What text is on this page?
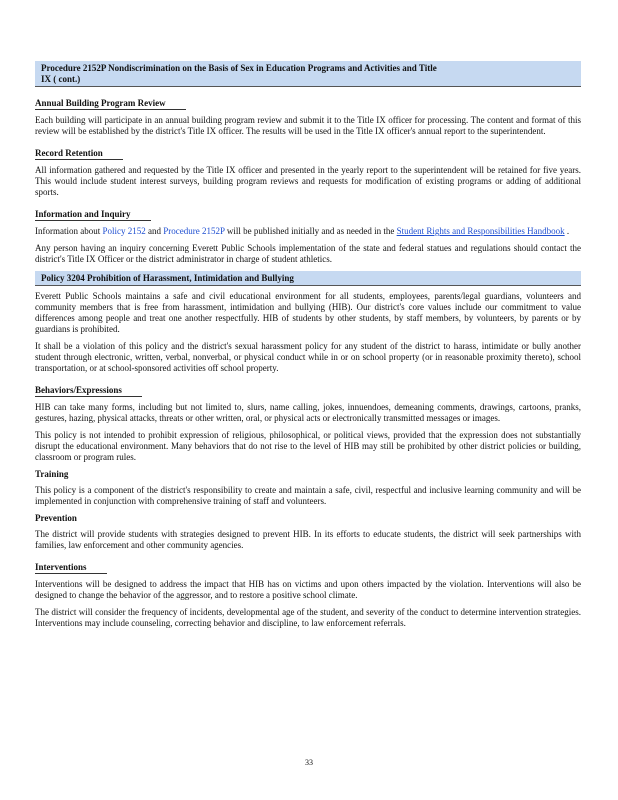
Procedure 2152P Nondiscrimination on the Basis of Sex in Education Programs and Activities and Title
IX ( cont.)
Annual Building Program Review

Each building will participate in an annual building program review and submit it to the Title IX officer for processing. The content and format of this review will be established by the district's Title IX officer. The results will be used in the Title IX officer's annual report to the superintendent.

Record Retention

All information gathered and requested by the Title IX officer and presented in the yearly report to the superintendent will be retained for five years. This would include student interest surveys, building program reviews and requests for modification of existing programs or adding of additional sports.

Information and Inquiry

Information about Policy 2152 and Procedure 2152P will be published initially and as needed in the Student Rights and Responsibilities Handbook .

Any person having an inquiry concerning Everett Public Schools implementation of the state and federal statues and regulations should contact the district's Title IX Officer or the district administrator in charge of student athletics.

Policy 3204 Prohibition of Harassment, Intimidation and Bullying

Everett Public Schools maintains a safe and civil educational environment for all students, employees, parents/legal guardians, volunteers and community members that is free from harassment, intimidation and bullying (HIB). Our district's core values include our commitment to value differences among people and treat one another respectfully. HIB of students by other students, by staff members, by volunteers, by parents or by guardians is prohibited.

It shall be a violation of this policy and the district's sexual harassment policy for any student of the district to harass, intimidate or bully another student through electronic, written, verbal, nonverbal, or physical conduct while in or on school property (or in reasonable proximity thereto), school transportation, or at school-sponsored activities off school property.

Behaviors/Expressions

HIB can take many forms, including but not limited to, slurs, name calling, jokes, innuendoes, demeaning comments, drawings, cartoons, pranks, gestures, hazing, physical attacks, threats or other written, oral, or physical acts or electronically transmitted messages or images.

This policy is not intended to prohibit expression of religious, philosophical, or political views, provided that the expression does not substantially disrupt the educational environment. Many behaviors that do not rise to the level of HIB may still be prohibited by other district policies or building, classroom or program rules.

Training

This policy is a component of the district's responsibility to create and maintain a safe, civil, respectful and inclusive learning community and will be implemented in conjunction with comprehensive training of staff and volunteers.

Prevention

The district will provide students with strategies designed to prevent HIB. In its efforts to educate students, the district will seek partnerships with families, law enforcement and other community agencies.

Interventions

Interventions will be designed to address the impact that HIB has on victims and upon others impacted by the violation. Interventions will also be designed to change the behavior of the aggressor, and to restore a positive school climate.

The district will consider the frequency of incidents, developmental age of the student, and severity of the conduct to determine intervention strategies. Interventions may include counseling, correcting behavior and discipline, to law enforcement referrals.

33
